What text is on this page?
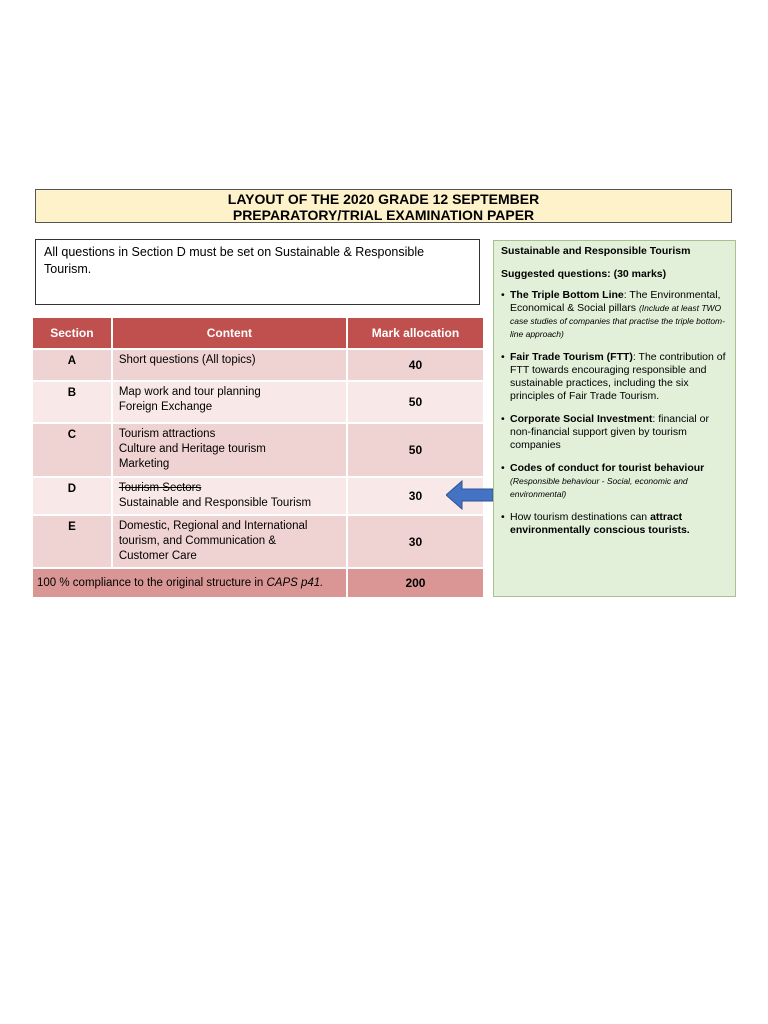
LAYOUT OF THE 2020 GRADE 12 SEPTEMBER
PREPARATORY/TRIAL EXAMINATION PAPER
All questions in Section D must be set on Sustainable & Responsible Tourism.
Section	Content	Mark allocation
A	Short questions (All topics)	40
B	Map work and tour planning
Foreign Exchange	50
C	Tourism attractions
Culture and Heritage tourism
Marketing	50
D	Tourism Sectors
Sustainable and Responsible Tourism	30
E	Domestic, Regional and International
tourism, and Communication &
Customer Care	30
100 % compliance to the original structure in CAPS p41.		200
Sustainable and Responsible Tourism
Suggested questions: (30 marks)
• The Triple Bottom Line: The Environmental, Economical & Social pillars (Include at least TWO case studies of companies that practise the triple bottom-line approach)
• Fair Trade Tourism (FTT): The contribution of FTT towards encouraging responsible and sustainable practices, including the six principles of Fair Trade Tourism.
• Corporate Social Investment: financial or non-financial support given by tourism companies
• Codes of conduct for tourist behaviour (Responsible behaviour - Social, economic and environmental)
• How tourism destinations can attract environmentally conscious tourists.
